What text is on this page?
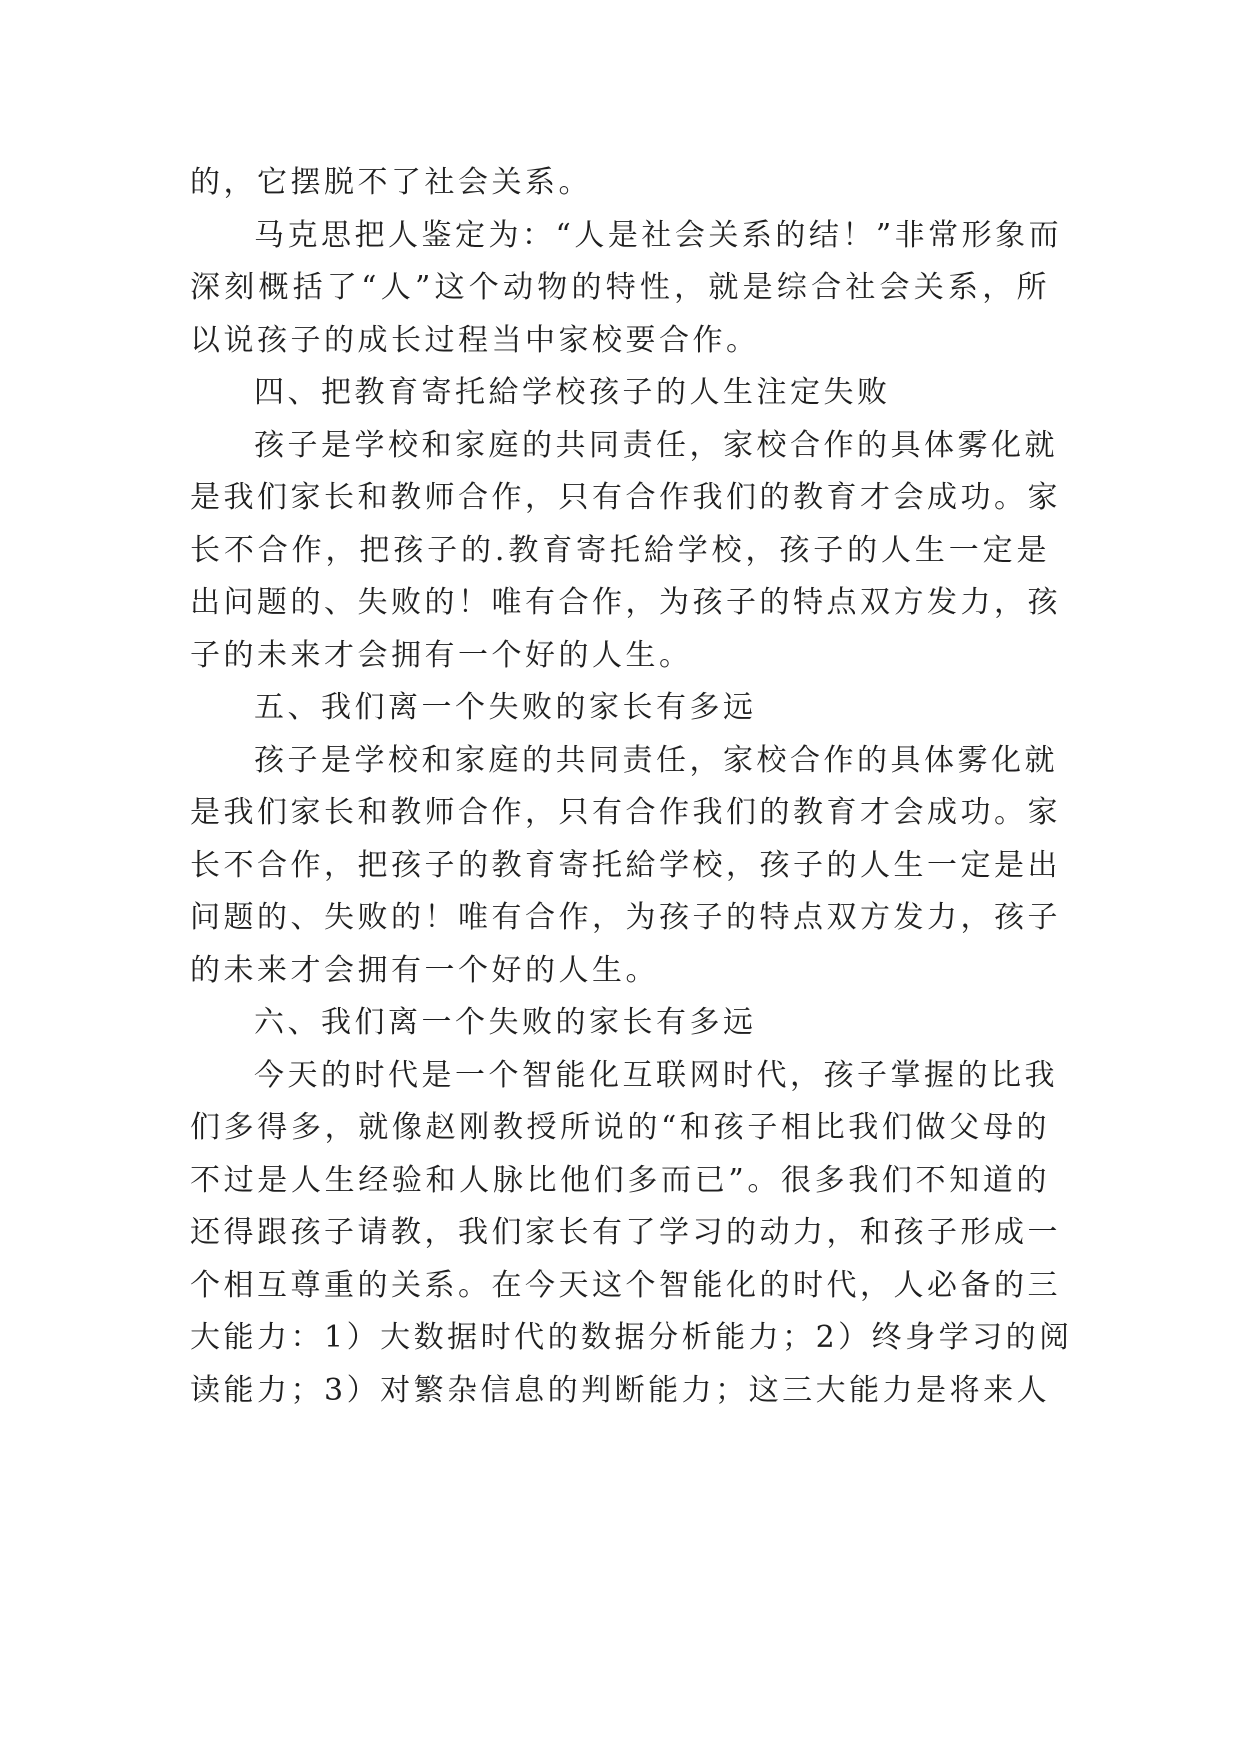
的，它摆脱不了社会关系。
马克思把人鉴定为：“人是社会关系的结！”非常形象而
深刻概括了“人”这个动物的特性，就是综合社会关系，所
以说孩子的成长过程当中家校要合作。
四、把教育寄托給学校孩子的人生注定失败
孩子是学校和家庭的共同责任，家校合作的具体雾化就
是我们家长和教师合作，只有合作我们的教育才会成功。家
长不合作，把孩子的.教育寄托給学校，孩子的人生一定是
出问题的、失败的！唯有合作，为孩子的特点双方发力，孩
子的未来才会拥有一个好的人生。
五、我们离一个失败的家长有多远
孩子是学校和家庭的共同责任，家校合作的具体雾化就
是我们家长和教师合作，只有合作我们的教育才会成功。家
长不合作，把孩子的教育寄托給学校，孩子的人生一定是出
问题的、失败的！唯有合作，为孩子的特点双方发力，孩子
的未来才会拥有一个好的人生。
六、我们离一个失败的家长有多远
今天的时代是一个智能化互联网时代，孩子掌握的比我
们多得多，就像赵刚教授所说的“和孩子相比我们做父母的
不过是人生经验和人脉比他们多而已”。很多我们不知道的
还得跟孩子请教，我们家长有了学习的动力，和孩子形成一
个相互尊重的关系。在今天这个智能化的时代，人必备的三
大能力：1）大数据时代的数据分析能力；2）终身学习的阅
读能力；3）对繁杂信息的判断能力；这三大能力是将来人
